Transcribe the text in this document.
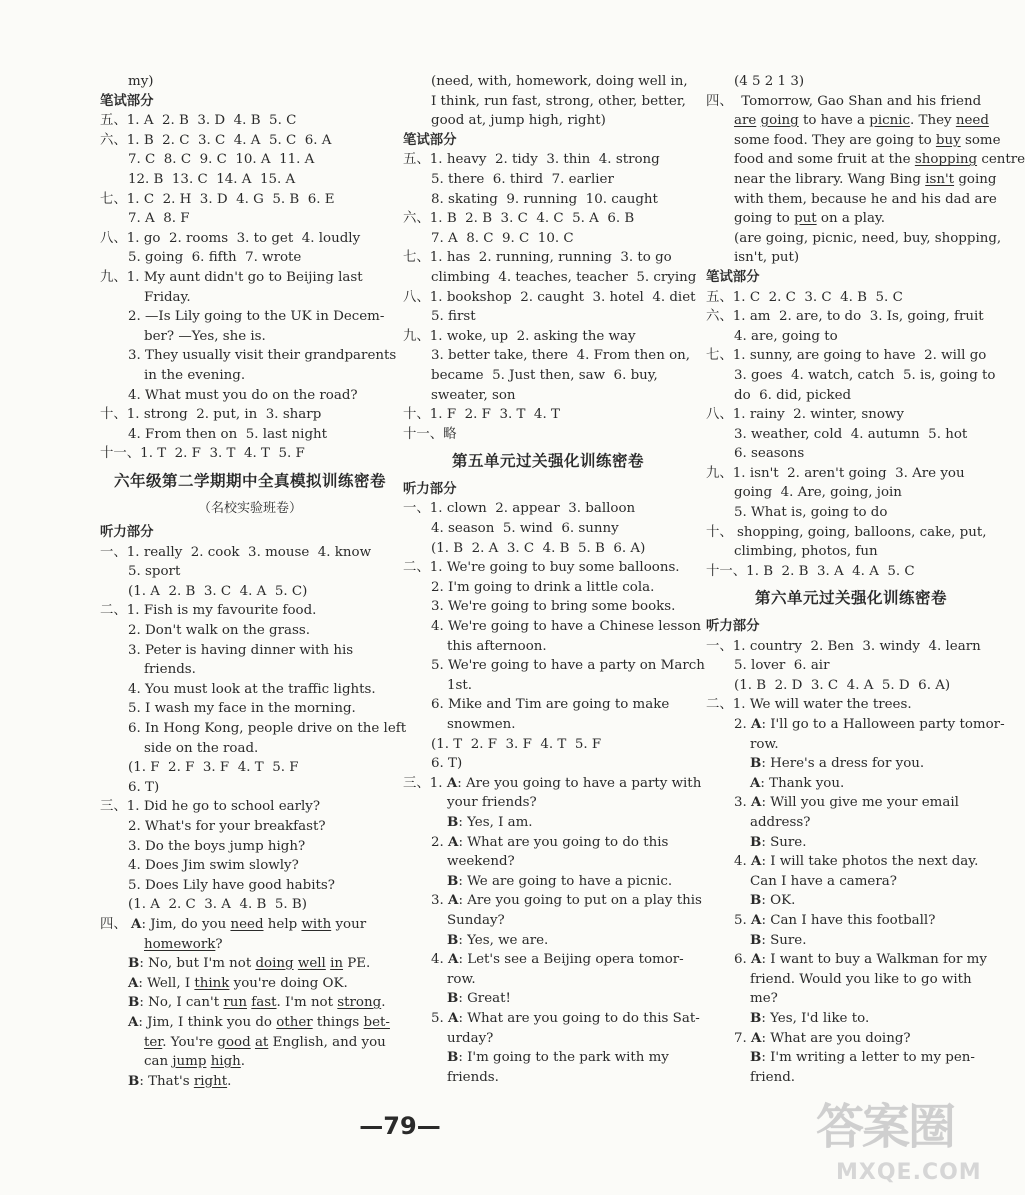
my)
笔试部分
五、1. A  2. B  3. D  4. B  5. C
六、1. B  2. C  3. C  4. A  5. C  6. A
7. C  8. C  9. C  10. A  11. A
12. B  13. C  14. A  15. A
七、1. C  2. H  3. D  4. G  5. B  6. E
7. A  8. F
八、1. go  2. rooms  3. to get  4. loudly
5. going  6. fifth  7. wrote
九、1. My aunt didn't go to Beijing last
Friday.
2. —Is Lily going to the UK in Decem-
ber? —Yes, she is.
3. They usually visit their grandparents
in the evening.
4. What must you do on the road?
十、1. strong  2. put, in  3. sharp
4. From then on  5. last night
十一、1. T  2. F  3. T  4. T  5. F
六年级第二学期期中全真模拟训练密卷
（名校实验班卷）
听力部分
一、1. really  2. cook  3. mouse  4. know
5. sport
(1. A  2. B  3. C  4. A  5. C)
二、1. Fish is my favourite food.
2. Don't walk on the grass.
3. Peter is having dinner with his
friends.
4. You must look at the traffic lights.
5. I wash my face in the morning.
6. In Hong Kong, people drive on the left
side on the road.
(1. F  2. F  3. F  4. T  5. F
6. T)
三、1. Did he go to school early?
2. What's for your breakfast?
3. Do the boys jump high?
4. Does Jim swim slowly?
5. Does Lily have good habits?
(1. A  2. C  3. A  4. B  5. B)
四、 A: Jim, do you need help with your
homework?
B: No, but I'm not doing well in PE.
A: Well, I think you're doing OK.
B: No, I can't run fast. I'm not strong.
A: Jim, I think you do other things bet-
ter. You're good at English, and you
can jump high.
B: That's right.
(need, with, homework, doing well in,
I think, run fast, strong, other, better,
good at, jump high, right)
笔试部分
五、1. heavy  2. tidy  3. thin  4. strong
5. there  6. third  7. earlier
8. skating  9. running  10. caught
六、1. B  2. B  3. C  4. C  5. A  6. B
7. A  8. C  9. C  10. C
七、1. has  2. running, running  3. to go
climbing  4. teaches, teacher  5. crying
八、1. bookshop  2. caught  3. hotel  4. diet
5. first
九、1. woke, up  2. asking the way
3. better take, there  4. From then on,
became  5. Just then, saw  6. buy,
sweater, son
十、1. F  2. F  3. T  4. T
十一、略
第五单元过关强化训练密卷
听力部分
一、1. clown  2. appear  3. balloon
4. season  5. wind  6. sunny
(1. B  2. A  3. C  4. B  5. B  6. A)
二、1. We're going to buy some balloons.
2. I'm going to drink a little cola.
3. We're going to bring some books.
4. We're going to have a Chinese lesson
this afternoon.
5. We're going to have a party on March
1st.
6. Mike and Tim are going to make
snowmen.
(1. T  2. F  3. F  4. T  5. F
6. T)
三、1. A: Are you going to have a party with
your friends?
B: Yes, I am.
2. A: What are you going to do this
weekend?
B: We are going to have a picnic.
3. A: Are you going to put on a play this
Sunday?
B: Yes, we are.
4. A: Let's see a Beijing opera tomor-
row.
B: Great!
5. A: What are you going to do this Sat-
urday?
B: I'm going to the park with my
friends.
(4 5 2 1 3)
四、  Tomorrow, Gao Shan and his friend
are going to have a picnic. They need
some food. They are going to buy some
food and some fruit at the shopping centre
near the library. Wang Bing isn't going
with them, because he and his dad are
going to put on a play.
(are going, picnic, need, buy, shopping,
isn't, put)
笔试部分
五、1. C  2. C  3. C  4. B  5. C
六、1. am  2. are, to do  3. Is, going, fruit
4. are, going to
七、1. sunny, are going to have  2. will go
3. goes  4. watch, catch  5. is, going to
do  6. did, picked
八、1. rainy  2. winter, snowy
3. weather, cold  4. autumn  5. hot
6. seasons
九、1. isn't  2. aren't going  3. Are you
going  4. Are, going, join
5. What is, going to do
十、 shopping, going, balloons, cake, put,
climbing, photos, fun
十一、1. B  2. B  3. A  4. A  5. C
第六单元过关强化训练密卷
听力部分
一、1. country  2. Ben  3. windy  4. learn
5. lover  6. air
(1. B  2. D  3. C  4. A  5. D  6. A)
二、1. We will water the trees.
2. A: I'll go to a Halloween party tomor-
row.
B: Here's a dress for you.
A: Thank you.
3. A: Will you give me your email
address?
B: Sure.
4. A: I will take photos the next day.
Can I have a camera?
B: OK.
5. A: Can I have this football?
B: Sure.
6. A: I want to buy a Walkman for my
friend. Would you like to go with
me?
B: Yes, I'd like to.
7. A: What are you doing?
B: I'm writing a letter to my pen-
friend.
—79—	答案圈
MXQE.COM
